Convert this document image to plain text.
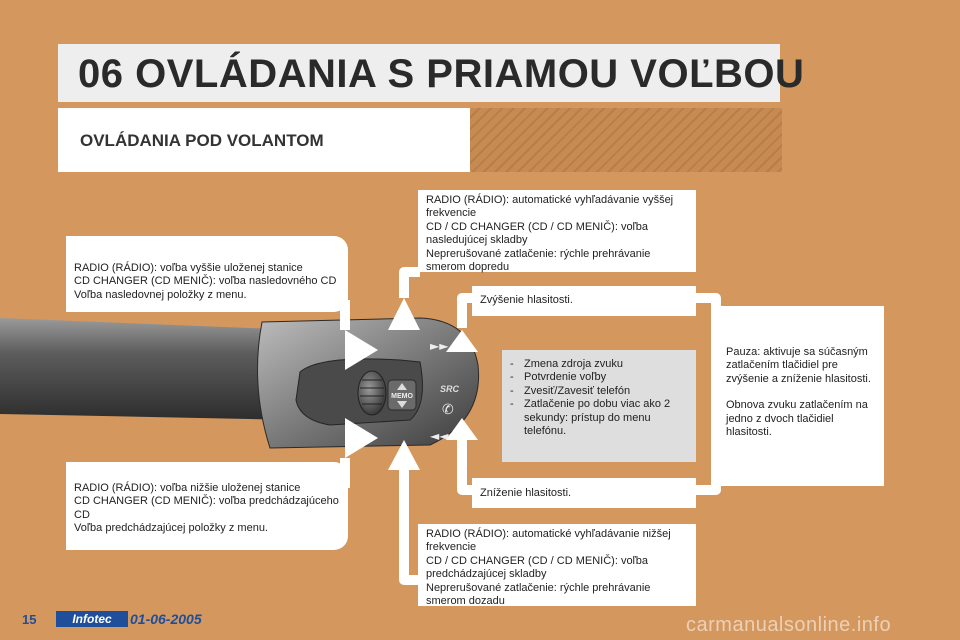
06 OVLÁDANIA S PRIAMOU VOĽBOU
OVLÁDANIA POD VOLANTOM
MEMO
►►
◄◄
SRC
✆

RADIO (RÁDIO): voľba vyššie uloženej stanice

CD CHANGER (CD MENIČ): voľba nasledovného CD

Voľba nasledovnej položky z menu.

RADIO (RÁDIO): voľba nižšie uloženej stanice

CD CHANGER (CD MENIČ): voľba predchádzajúceho CD

Voľba predchádzajúcej položky z menu.

RADIO (RÁDIO): automatické vyhľadávanie vyššej frekvencie

CD / CD CHANGER (CD / CD MENIČ): voľba nasledujúcej skladby

Neprerušované zatlačenie: rýchle prehrávanie smerom dopredu

Zvýšenie hlasitosti.

- Zmena zdroja zvuku
- Potvrdenie voľby
- Zvesiť/Zavesiť telefón
- Zatlačenie po dobu viac ako 2 sekundy: prístup do menu telefónu.

Zníženie hlasitosti.

RADIO (RÁDIO): automatické vyhľadávanie nižšej frekvencie

CD / CD CHANGER (CD / CD MENIČ): voľba predchádzajúcej skladby

Neprerušované zatlačenie: rýchle prehrávanie smerom dozadu

Pauza: aktivuje sa súčasným zatlačením tlačidiel pre zvýšenie a zníženie hlasitosti.

Obnova zvuku zatlačením na jedno z dvoch tlačidiel hlasitosti.

15	Infotec	01-06-2005	carmanualsonline.info
